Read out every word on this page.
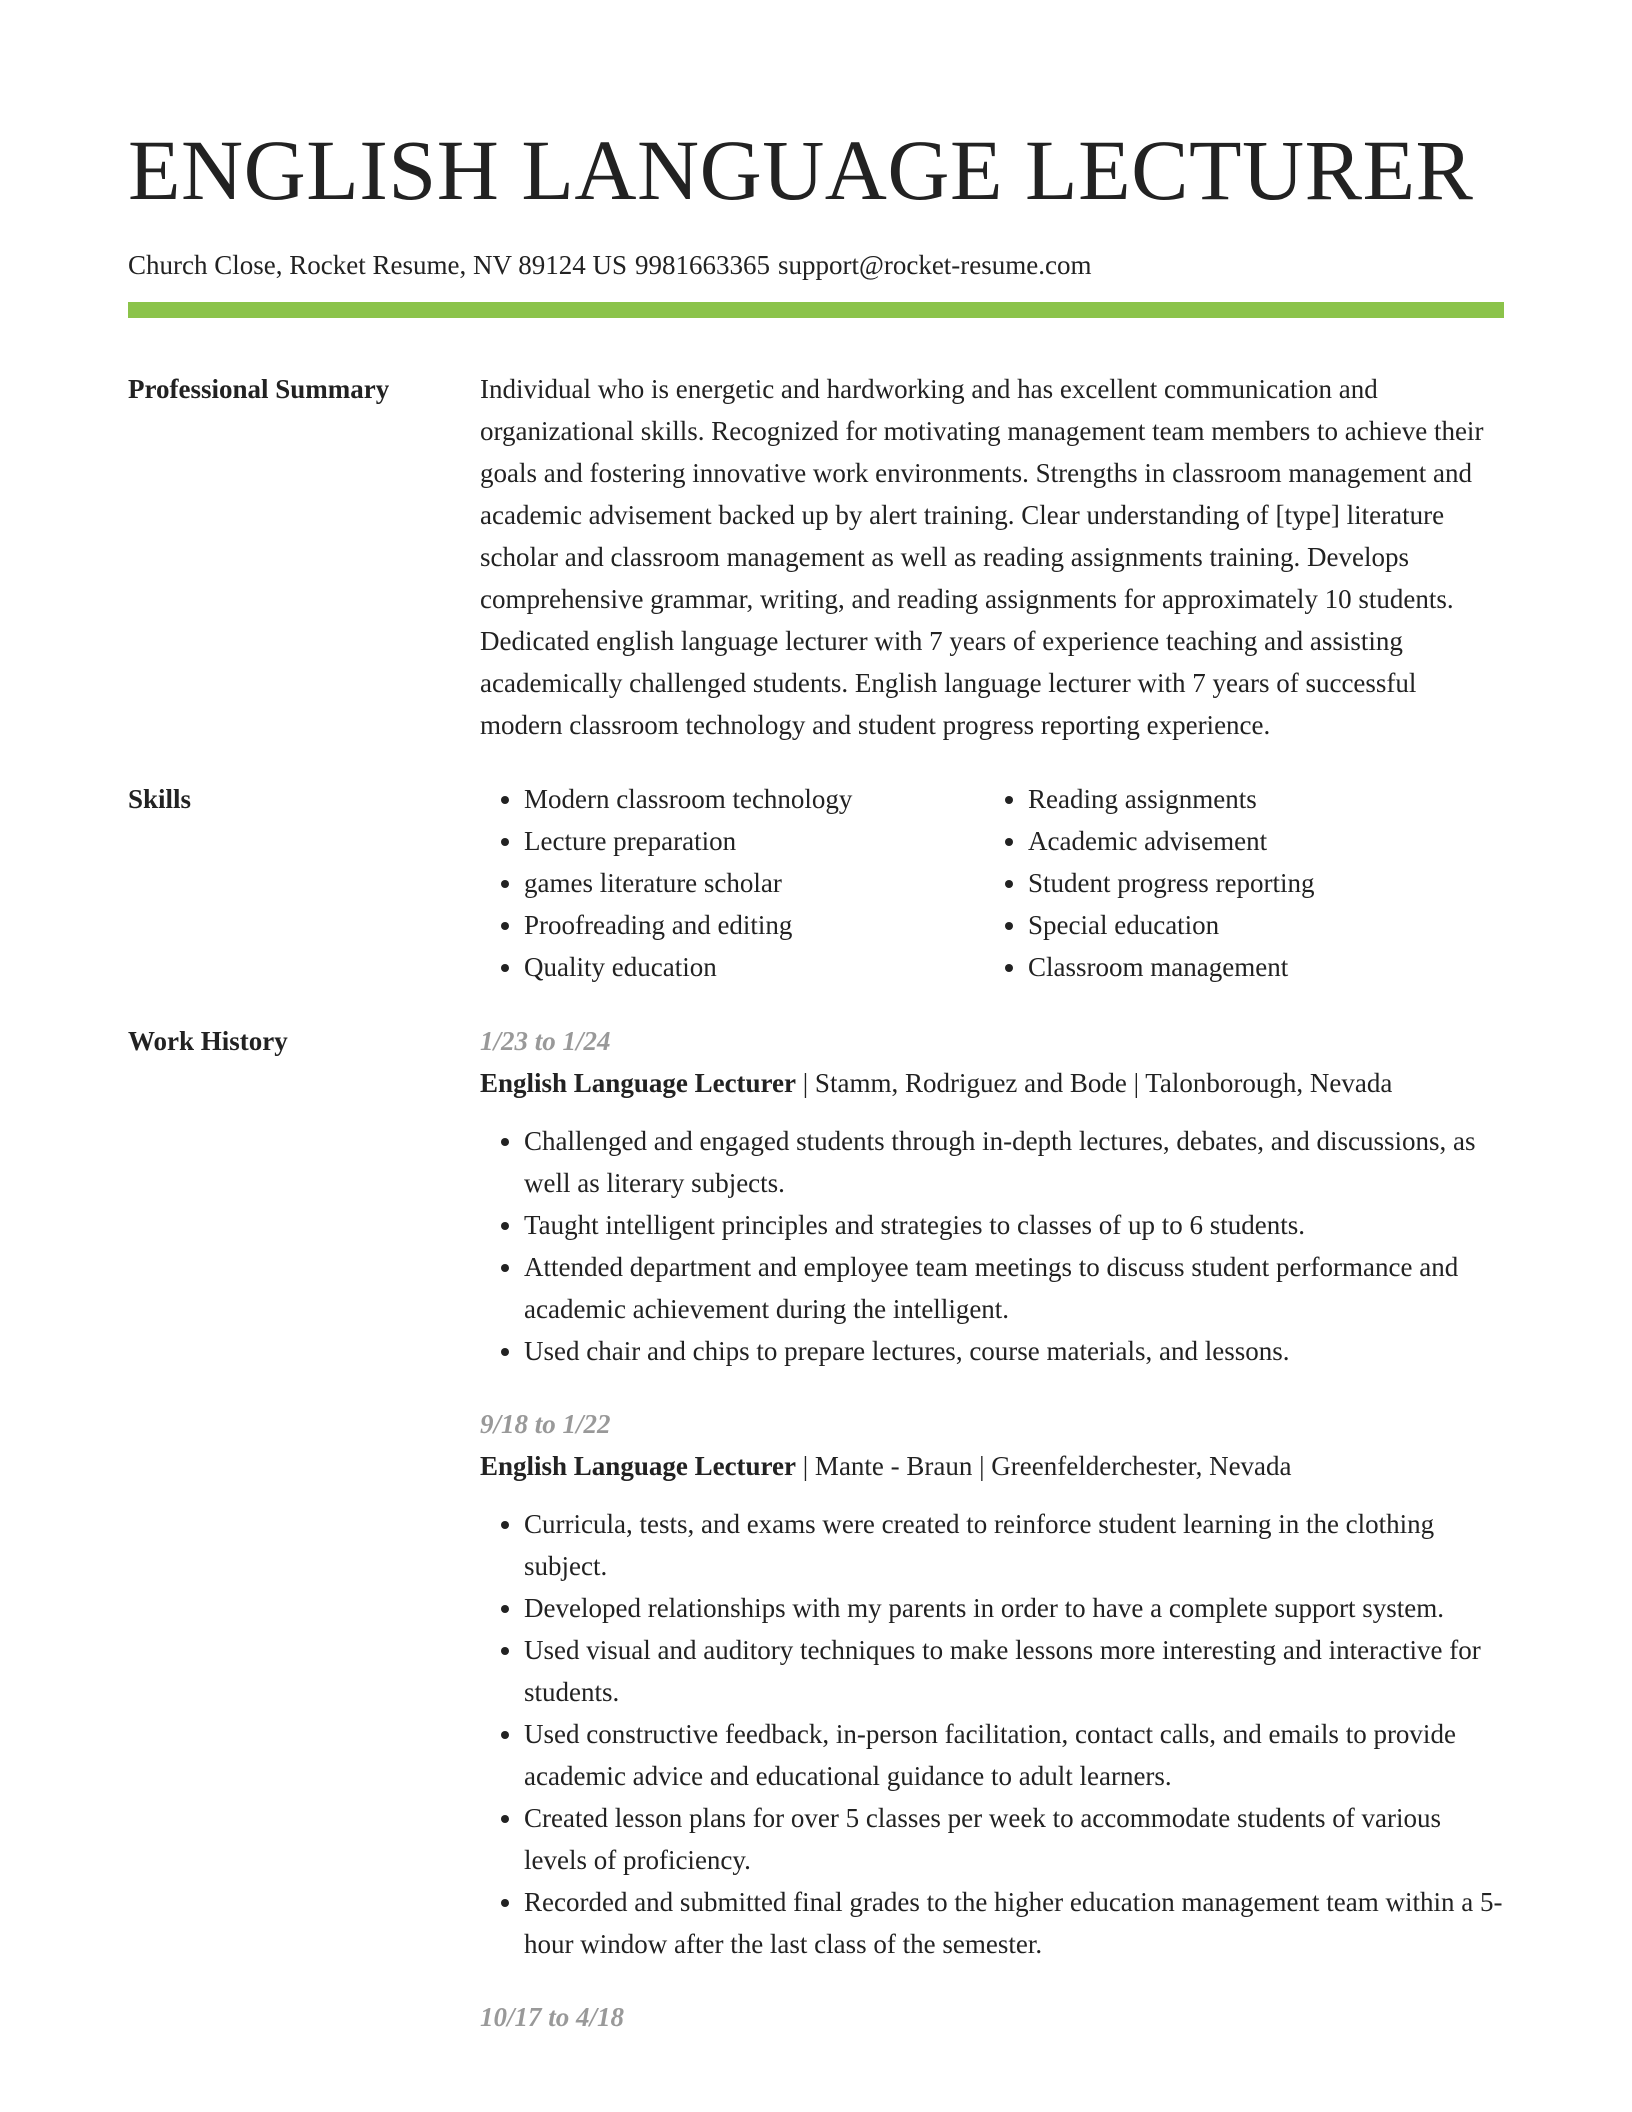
ENGLISH LANGUAGE LECTURER
Church Close, Rocket Resume, NV 89124 US 9981663365 support@rocket-resume.com
Professional Summary	Individual who is energetic and hardworking and has excellent communication and organizational skills. Recognized for motivating management team members to achieve their goals and fostering innovative work environments. Strengths in classroom management and academic advisement backed up by alert training. Clear understanding of [type] literature scholar and classroom management as well as reading assignments training. Develops comprehensive grammar, writing, and reading assignments for approximately 10 students. Dedicated english language lecturer with 7 years of experience teaching and assisting academically challenged students. English language lecturer with 7 years of successful modern classroom technology and student progress reporting experience.
Skills
•	Modern classroom technology
• Lecture preparation
• games literature scholar
• Proofreading and editing
• Quality education
• Reading assignments
• Academic advisement
• Student progress reporting
• Special education
• Classroom management
Work History	1/23 to 1/24
English Language Lecturer | Stamm, Rodriguez and Bode | Talonborough, Nevada
• Challenged and engaged students through in-depth lectures, debates, and discussions, as well as literary subjects.
• Taught intelligent principles and strategies to classes of up to 6 students.
• Attended department and employee team meetings to discuss student performance and academic achievement during the intelligent.
• Used chair and chips to prepare lectures, course materials, and lessons.
9/18 to 1/22
English Language Lecturer | Mante - Braun | Greenfelderchester, Nevada
• Curricula, tests, and exams were created to reinforce student learning in the clothing subject.
• Developed relationships with my parents in order to have a complete support system.
• Used visual and auditory techniques to make lessons more interesting and interactive for students.
• Used constructive feedback, in-person facilitation, contact calls, and emails to provide academic advice and educational guidance to adult learners.
• Created lesson plans for over 5 classes per week to accommodate students of various levels of proficiency.
• Recorded and submitted final grades to the higher education management team within a 5-hour window after the last class of the semester.
10/17 to 4/18
